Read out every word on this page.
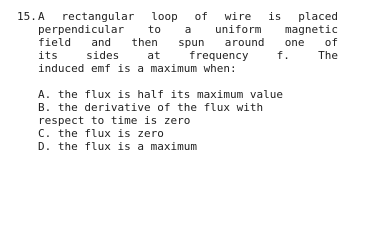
15. A rectangular loop of wire is placed
perpendicular to a uniform magnetic
field and then spun around one of
its	sides	at	frequency	f.	The
induced emf is a maximum when:
A. the flux is half its maximum value
B. the derivative of the flux with
respect to time is zero
C. the flux is zero
D. the flux is a maximum
